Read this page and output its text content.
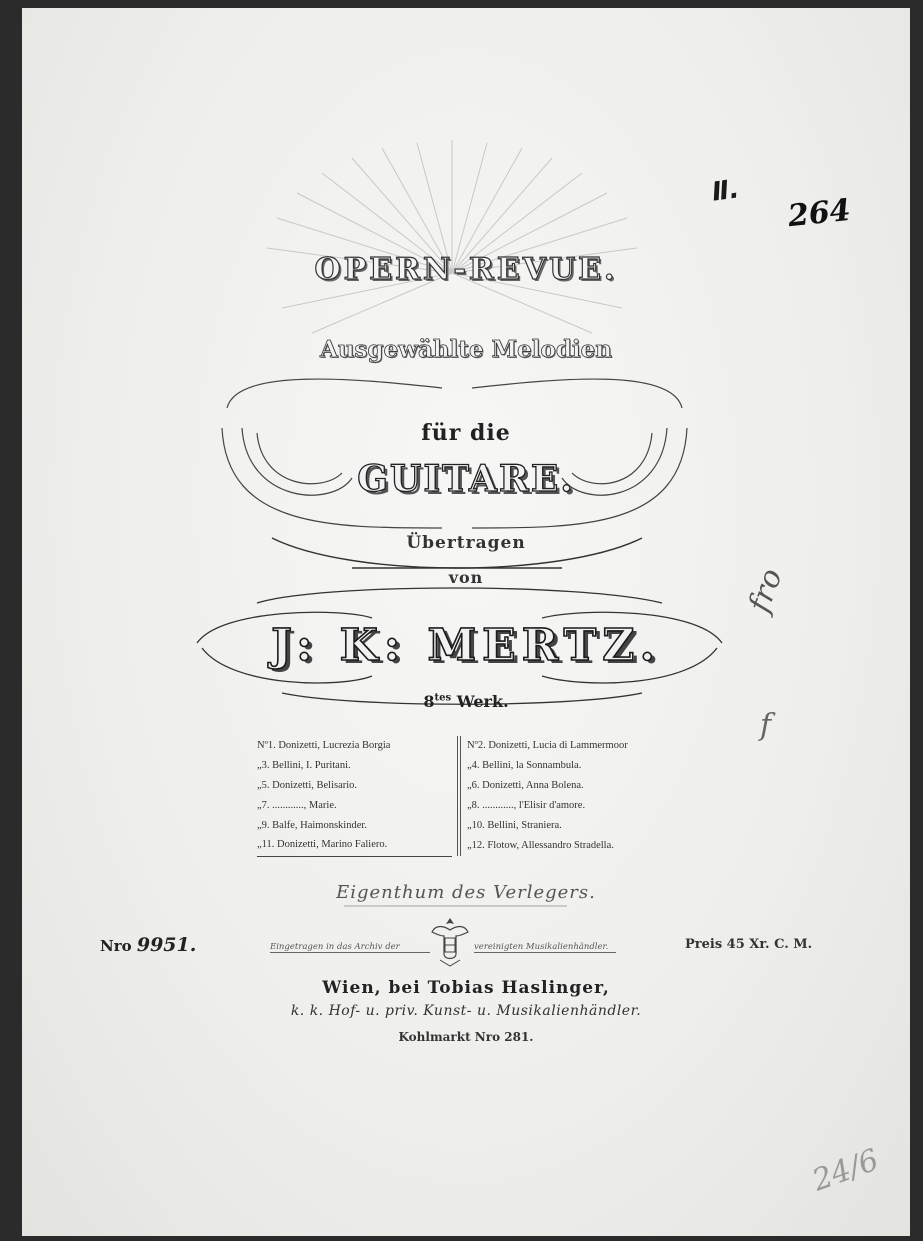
Ⅱ.
264
fro
f
24/6
OPERN-REVUE.
Ausgewählte Melodien
für die
GUITARE.
Übertragen
von
J: K: MERTZ.
$8^{tes}$ Werk.
Nº1. Donizetti, Lucrezia Borgia
„3. Bellini, I. Puritani.
„5. Donizetti, Belisario.
„7. ............, Marie.
„9. Balfe, Haimonskinder.
„11. Donizetti, Marino Faliero.
Nº2. Donizetti, Lucia di Lammermoor
„4. Bellini, la Sonnambula.
„6. Donizetti, Anna Bolena.
„8. ............, l'Elisir d'amore.
„10. Bellini, Straniera.
„12. Flotow, Allessandro Stradella.
Eigenthum des Verlegers.
Nro 9951.	Eingetragen in das Archiv der	vereinigten Musikalienhändler.	Preis 45 Xr. C. M.
Wien, bei Tobias Haslinger,
k. k. Hof- u. priv. Kunst- u. Musikalienhändler.
Kohlmarkt Nro 281.
